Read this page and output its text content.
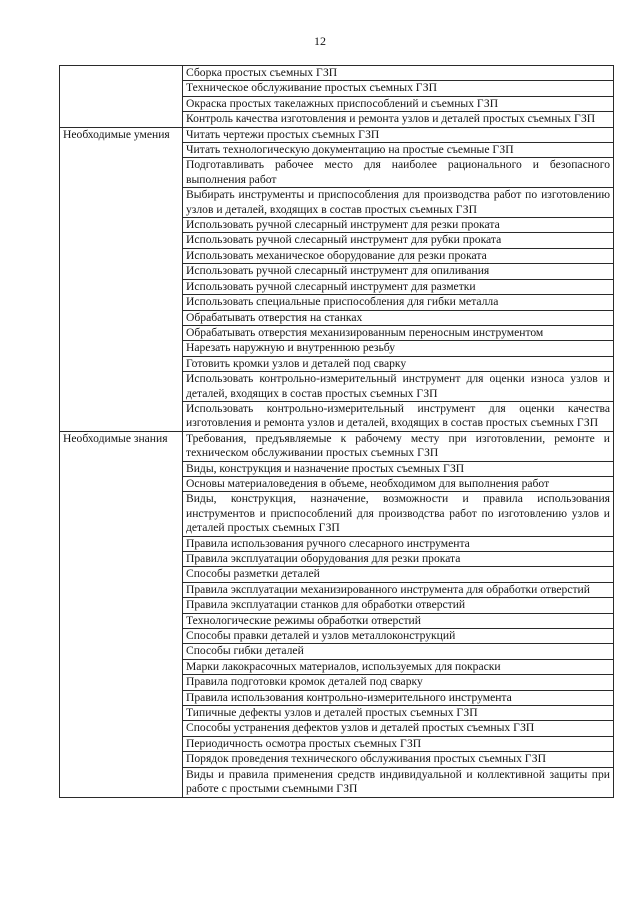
12
	Сборка простых съемных ГЗП
	Техническое обслуживание простых съемных ГЗП
	Окраска простых такелажных приспособлений и съемных ГЗП
	Контроль качества изготовления и ремонта узлов и деталей простых съемных ГЗП
Необходимые умения	Читать чертежи простых съемных ГЗП
	Читать технологическую документацию на простые съемные ГЗП
	Подготавливать рабочее место для наиболее рационального и безопасного выполнения работ
	Выбирать инструменты и приспособления для производства работ по изготовлению узлов и деталей, входящих в состав простых съемных ГЗП
	Использовать ручной слесарный инструмент для резки проката
	Использовать ручной слесарный инструмент для рубки проката
	Использовать механическое оборудование для резки проката
	Использовать ручной слесарный инструмент для опиливания
	Использовать ручной слесарный инструмент для разметки
	Использовать специальные приспособления для гибки металла
	Обрабатывать отверстия на станках
	Обрабатывать отверстия механизированным переносным инструментом
	Нарезать наружную и внутреннюю резьбу
	Готовить кромки узлов и деталей под сварку
	Использовать контрольно-измерительный инструмент для оценки износа узлов и деталей, входящих в состав простых съемных ГЗП
	Использовать контрольно-измерительный инструмент для оценки качества изготовления и ремонта узлов и деталей, входящих в состав простых съемных ГЗП
Необходимые знания	Требования, предъявляемые к рабочему месту при изготовлении, ремонте и техническом обслуживании простых съемных ГЗП
	Виды, конструкция и назначение простых съемных ГЗП
	Основы материаловедения в объеме, необходимом для выполнения работ
	Виды, конструкция, назначение, возможности и правила использования инструментов и приспособлений для производства работ по изготовлению узлов и деталей простых съемных ГЗП
	Правила использования ручного слесарного инструмента
	Правила эксплуатации оборудования для резки проката
	Способы разметки деталей
	Правила эксплуатации механизированного инструмента для обработки отверстий
	Правила эксплуатации станков для обработки отверстий
	Технологические режимы обработки отверстий
	Способы правки деталей и узлов металлоконструкций
	Способы гибки деталей
	Марки лакокрасочных материалов, используемых для покраски
	Правила подготовки кромок деталей под сварку
	Правила использования контрольно-измерительного инструмента
	Типичные дефекты узлов и деталей простых съемных ГЗП
	Способы устранения дефектов узлов и деталей простых съемных ГЗП
	Периодичность осмотра простых съемных ГЗП
	Порядок проведения технического обслуживания простых съемных ГЗП
	Виды и правила применения средств индивидуальной и коллективной защиты при работе с простыми съемными ГЗП
